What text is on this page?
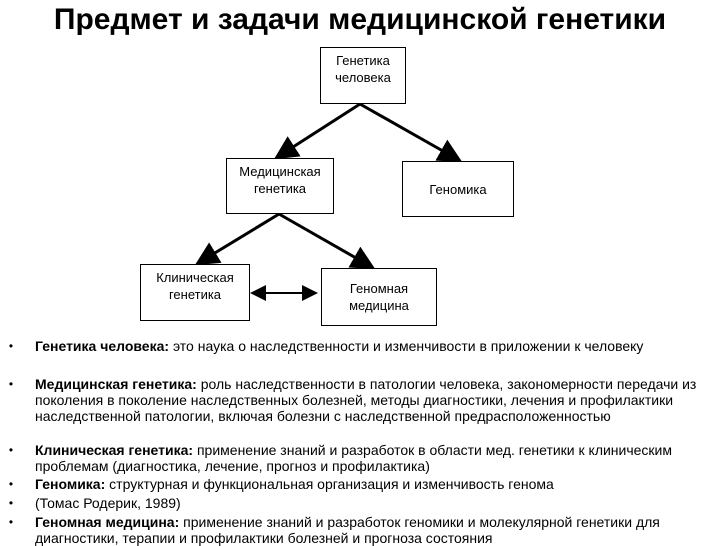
Предмет и задачи медицинской генетики
Генетика
человека
Медицинская
генетика	Геномика
Клиническая
генетика	Геномная
медицина
• Генетика человека: это наука о наследственности и изменчивости в приложении к человеку
• Медицинская генетика: роль наследственности в патологии человека, закономерности передачи из поколения в поколение наследственных болезней, методы диагностики, лечения и профилактики наследственной патологии, включая болезни с наследственной предрасположенностью
• Клиническая генетика: применение знаний и разработок в области мед. генетики к клиническим проблемам (диагностика, лечение, прогноз и профилактика)
• Геномика: структурная и функциональная организация и изменчивость генома
• (Томас Родерик, 1989)
• Геномная медицина: применение знаний и разработок геномики и молекулярной генетики для диагностики, терапии и профилактики болезней и прогноза состояния
